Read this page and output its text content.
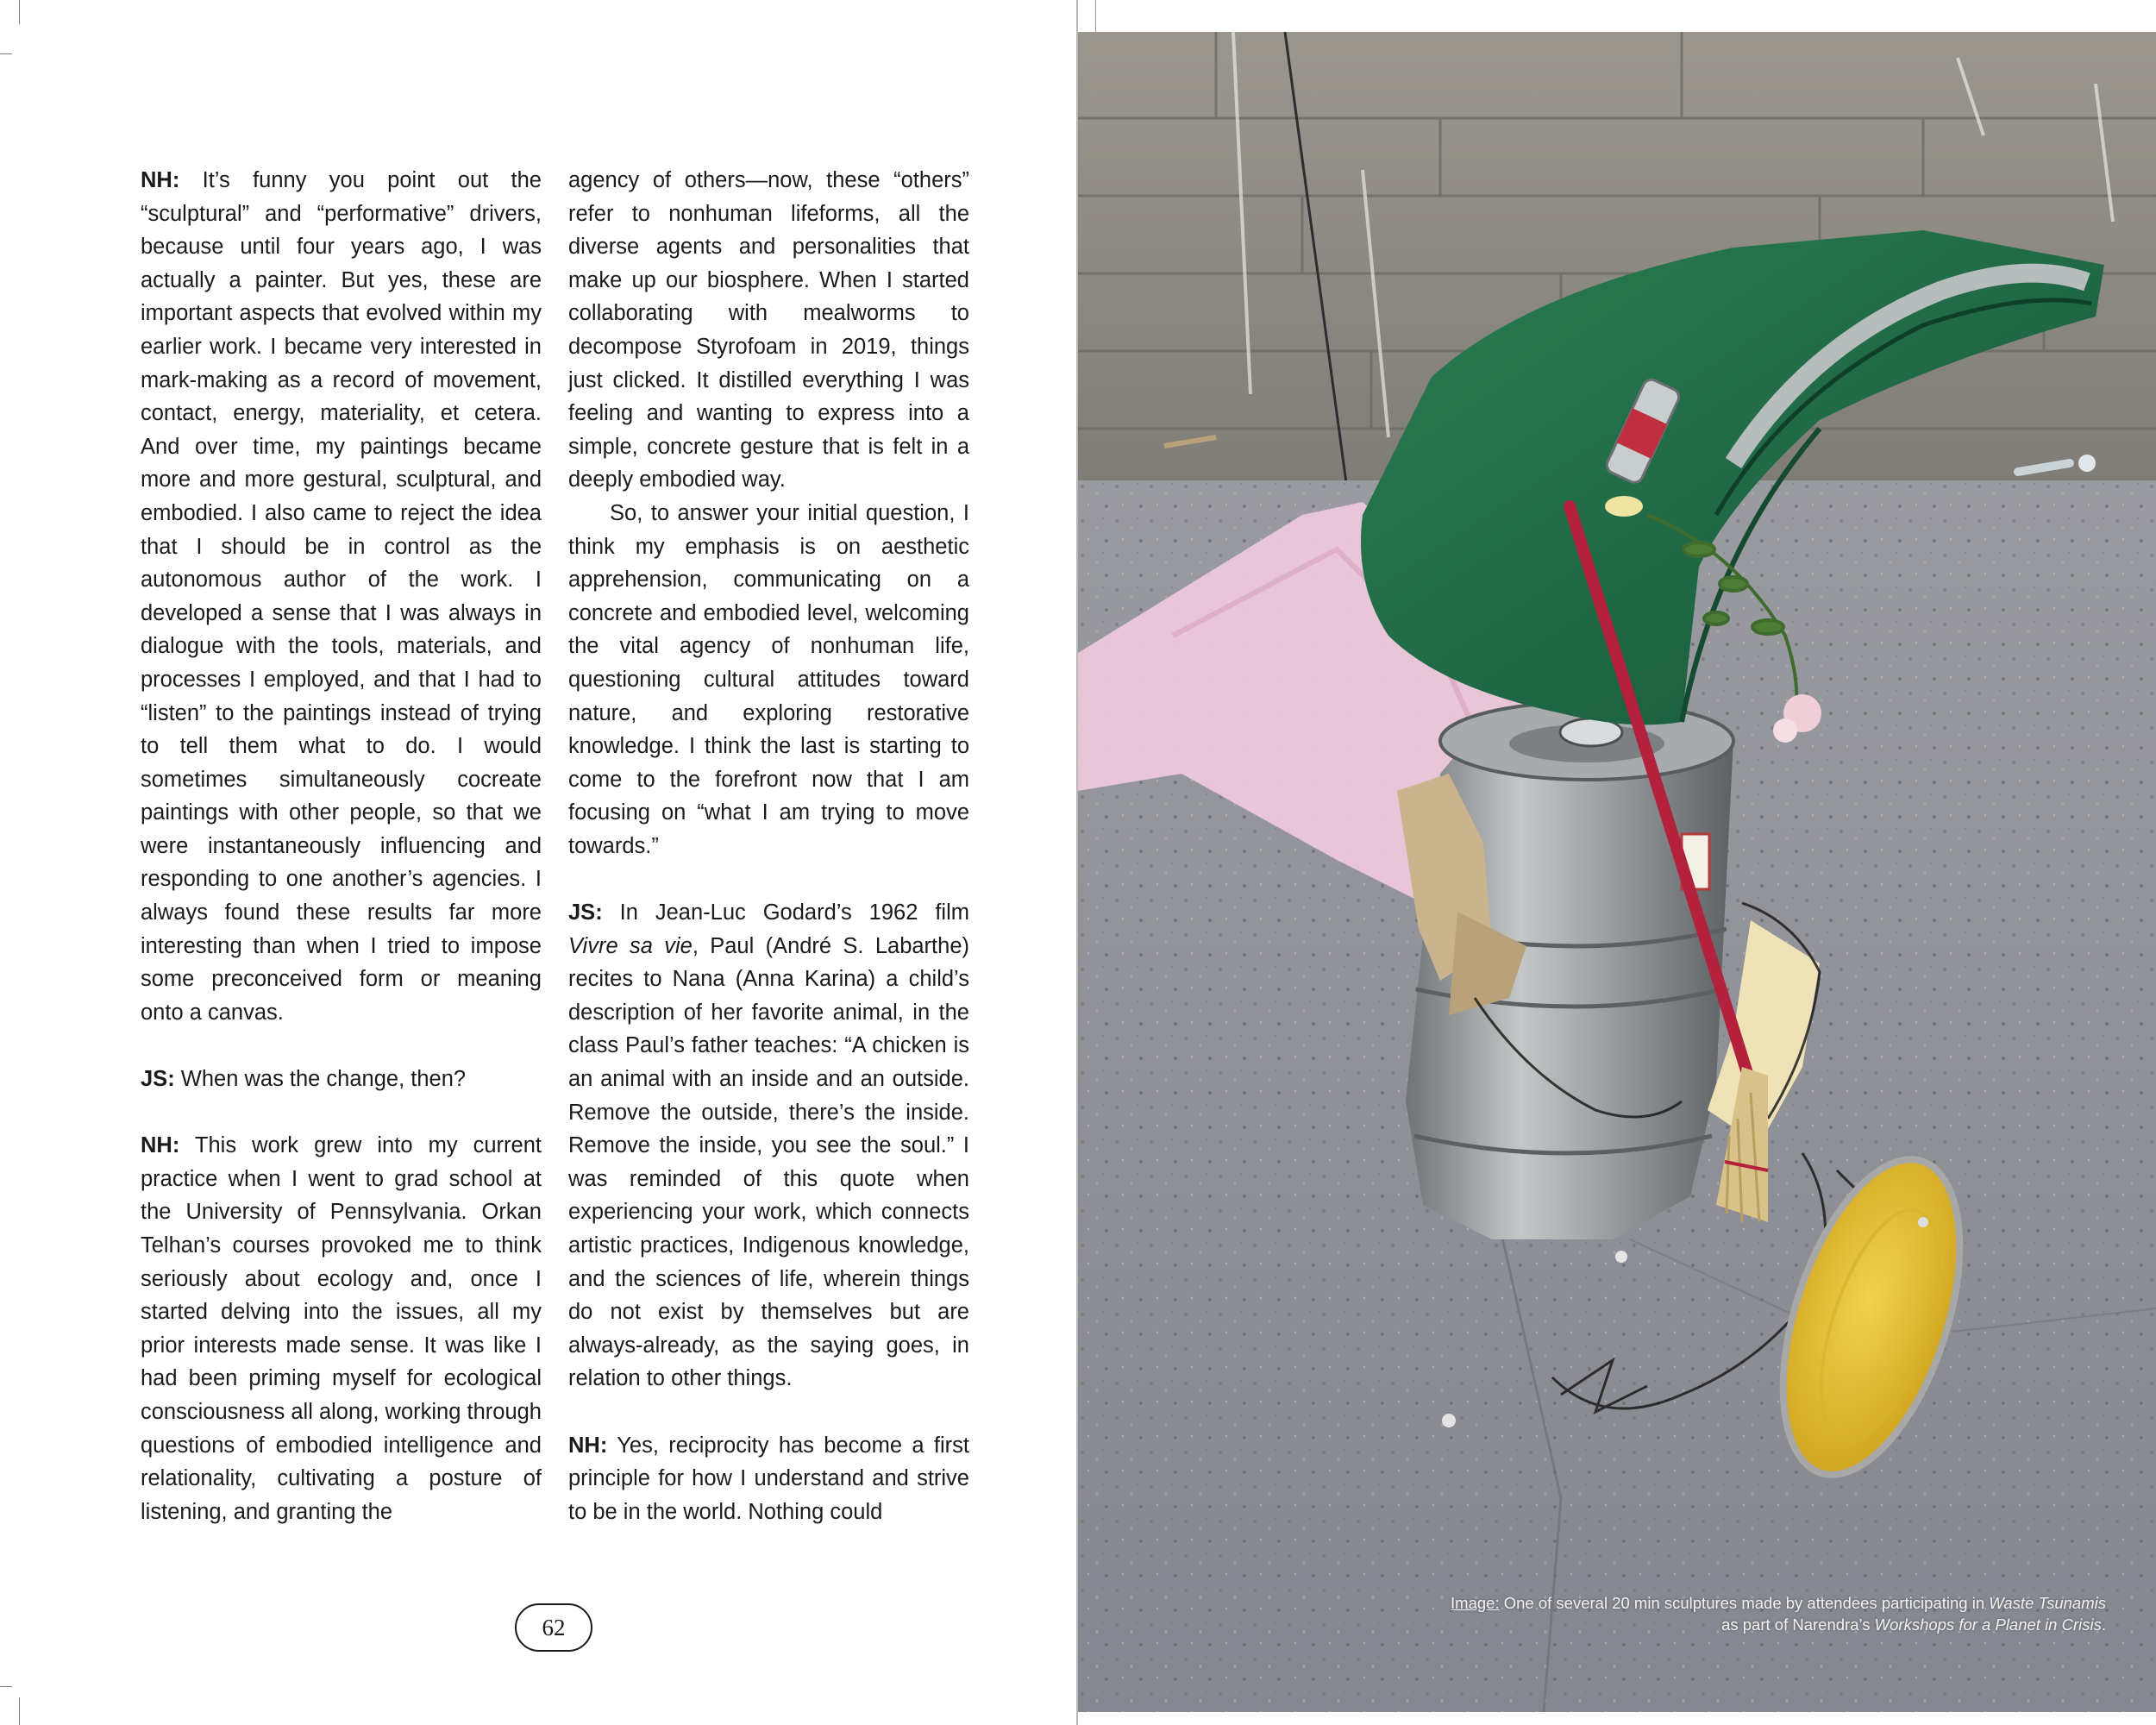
NH: It’s funny you point out the “sculptural” and “performative” drivers, because until four years ago, I was actually a painter. But yes, these are important aspects that evolved within my earlier work. I became very interested in mark-making as a record of movement, contact, energy, materiality, et cetera. And over time, my paintings became more and more gestural, sculptural, and embodied. I also came to reject the idea that I should be in control as the autonomous author of the work. I developed a sense that I was always in dialogue with the tools, materials, and processes I employed, and that I had to “listen” to the paintings instead of trying to tell them what to do. I would sometimes simultaneously cocreate paintings with other people, so that we were instantaneously influencing and responding to one another’s agencies. I always found these results far more interesting than when I tried to impose some preconceived form or meaning onto a canvas.

JS: When was the change, then?

NH: This work grew into my current practice when I went to grad school at the University of Pennsylvania. Orkan Telhan’s courses provoked me to think seriously about ecology and, once I started delving into the issues, all my prior interests made sense. It was like I had been priming myself for ecological consciousness all along, working through questions of embodied intelligence and relationality, cultivating a posture of listening, and granting the

agency of others—now, these “others” refer to nonhuman lifeforms, all the diverse agents and personalities that make up our biosphere. When I started collaborating with mealworms to decompose Styrofoam in 2019, things just clicked. It distilled everything I was feeling and wanting to express into a simple, concrete gesture that is felt in a deeply embodied way.

So, to answer your initial question, I think my emphasis is on aesthetic apprehension, communicating on a concrete and embodied level, welcoming the vital agency of nonhuman life, questioning cultural attitudes toward nature, and exploring restorative knowledge. I think the last is starting to come to the forefront now that I am focusing on “what I am trying to move towards.”

JS: In Jean-Luc Godard’s 1962 film Vivre sa vie, Paul (André S. Labarthe) recites to Nana (Anna Karina) a child’s description of her favorite animal, in the class Paul’s father teaches: “A chicken is an animal with an inside and an outside. Remove the outside, there’s the inside. Remove the inside, you see the soul.” I was reminded of this quote when experiencing your work, which connects artistic practices, Indigenous knowledge, and the sciences of life, wherein things do not exist by themselves but are always-already, as the saying goes, in relation to other things.

NH: Yes, reciprocity has become a first principle for how I understand and strive to be in the world. Nothing could

62
Image: One of several 20 min sculptures made by attendees participating in Waste Tsunamis as part of Narendra’s Workshops for a Planet in Crisis.
